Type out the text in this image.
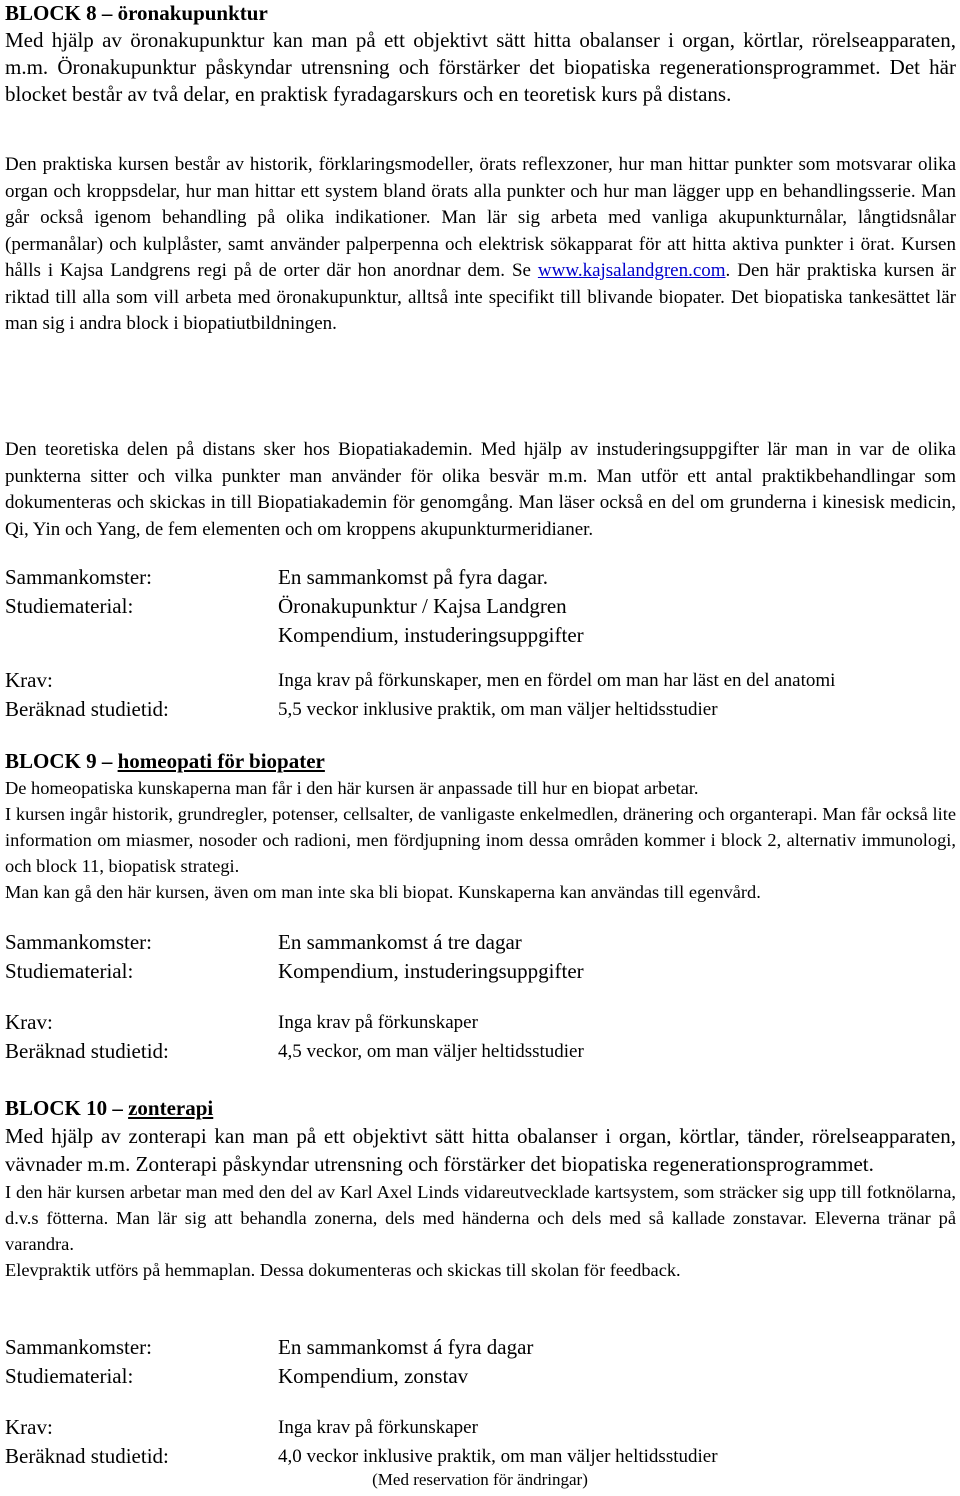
BLOCK 8 – öronakupunktur

Med hjälp av öronakupunktur kan man på ett objektivt sätt hitta obalanser i organ, körtlar, rörelseapparaten, m.m. Öronakupunktur påskyndar utrensning och förstärker det biopatiska regenerationsprogrammet. Det här blocket består av två delar, en praktisk fyradagarskurs och en teoretisk kurs på distans.

Den praktiska kursen består av historik, förklaringsmodeller, örats reflexzoner, hur man hittar punkter som motsvarar olika organ och kroppsdelar, hur man hittar ett system bland örats alla punkter och hur man lägger upp en behandlingsserie. Man går också igenom behandling på olika indikationer. Man lär sig arbeta med vanliga akupunkturnålar, långtidsnålar (permanålar) och kulplåster, samt använder palperpenna och elektrisk sökapparat för att hitta aktiva punkter i örat. Kursen hålls i Kajsa Landgrens regi på de orter där hon anordnar dem. Se www.kajsalandgren.com. Den här praktiska kursen är riktad till alla som vill arbeta med öronakupunktur, alltså inte specifikt till blivande biopater. Det biopatiska tankesättet lär man sig i andra block i biopatiutbildningen.

Den teoretiska delen på distans sker hos Biopatiakademin. Med hjälp av instuderingsuppgifter lär man in var de olika punkterna sitter och vilka punkter man använder för olika besvär m.m. Man utför ett antal praktikbehandlingar som dokumenteras och skickas in till Biopatiakademin för genomgång. Man läser också en del om grunderna i kinesisk medicin, Qi, Yin och Yang, de fem elementen och om kroppens akupunkturmeridianer.

Sammankomster:	En sammankomst på fyra dagar.
Studiematerial:	Öronakupunktur / Kajsa Landgren
Kompendium, instuderingsuppgifter
Krav:	Inga krav på förkunskaper, men en fördel om man har läst en del anatomi
Beräknad studietid:	5,5 veckor inklusive praktik, om man väljer heltidsstudier
BLOCK 9 – homeopati för biopater

De homeopatiska kunskaperna man får i den här kursen är anpassade till hur en biopat arbetar.

I kursen ingår historik, grundregler, potenser, cellsalter, de vanligaste enkelmedlen, dränering och organterapi. Man får också lite information om miasmer, nosoder och radioni, men fördjupning inom dessa områden kommer i block 2, alternativ immunologi, och block 11, biopatisk strategi.

Man kan gå den här kursen, även om man inte ska bli biopat. Kunskaperna kan användas till egenvård.

Sammankomster:	En sammankomst á tre dagar
Studiematerial:	Kompendium, instuderingsuppgifter
Krav:	Inga krav på förkunskaper
Beräknad studietid:	4,5 veckor, om man väljer heltidsstudier
BLOCK 10 – zonterapi

Med hjälp av zonterapi kan man på ett objektivt sätt hitta obalanser i organ, körtlar, tänder, rörelseapparaten, vävnader m.m. Zonterapi påskyndar utrensning och förstärker det biopatiska regenerationsprogrammet.

I den här kursen arbetar man med den del av Karl Axel Linds vidareutvecklade kartsystem, som sträcker sig upp till fotknölarna, d.v.s fötterna. Man lär sig att behandla zonerna, dels med händerna och dels med så kallade zonstavar. Eleverna tränar på varandra.

Elevpraktik utförs på hemmaplan. Dessa dokumenteras och skickas till skolan för feedback.

Sammankomster:	En sammankomst á fyra dagar
Studiematerial:	Kompendium, zonstav
Krav:	Inga krav på förkunskaper
Beräknad studietid:	4,0 veckor inklusive praktik, om man väljer heltidsstudier
(Med reservation för ändringar)
